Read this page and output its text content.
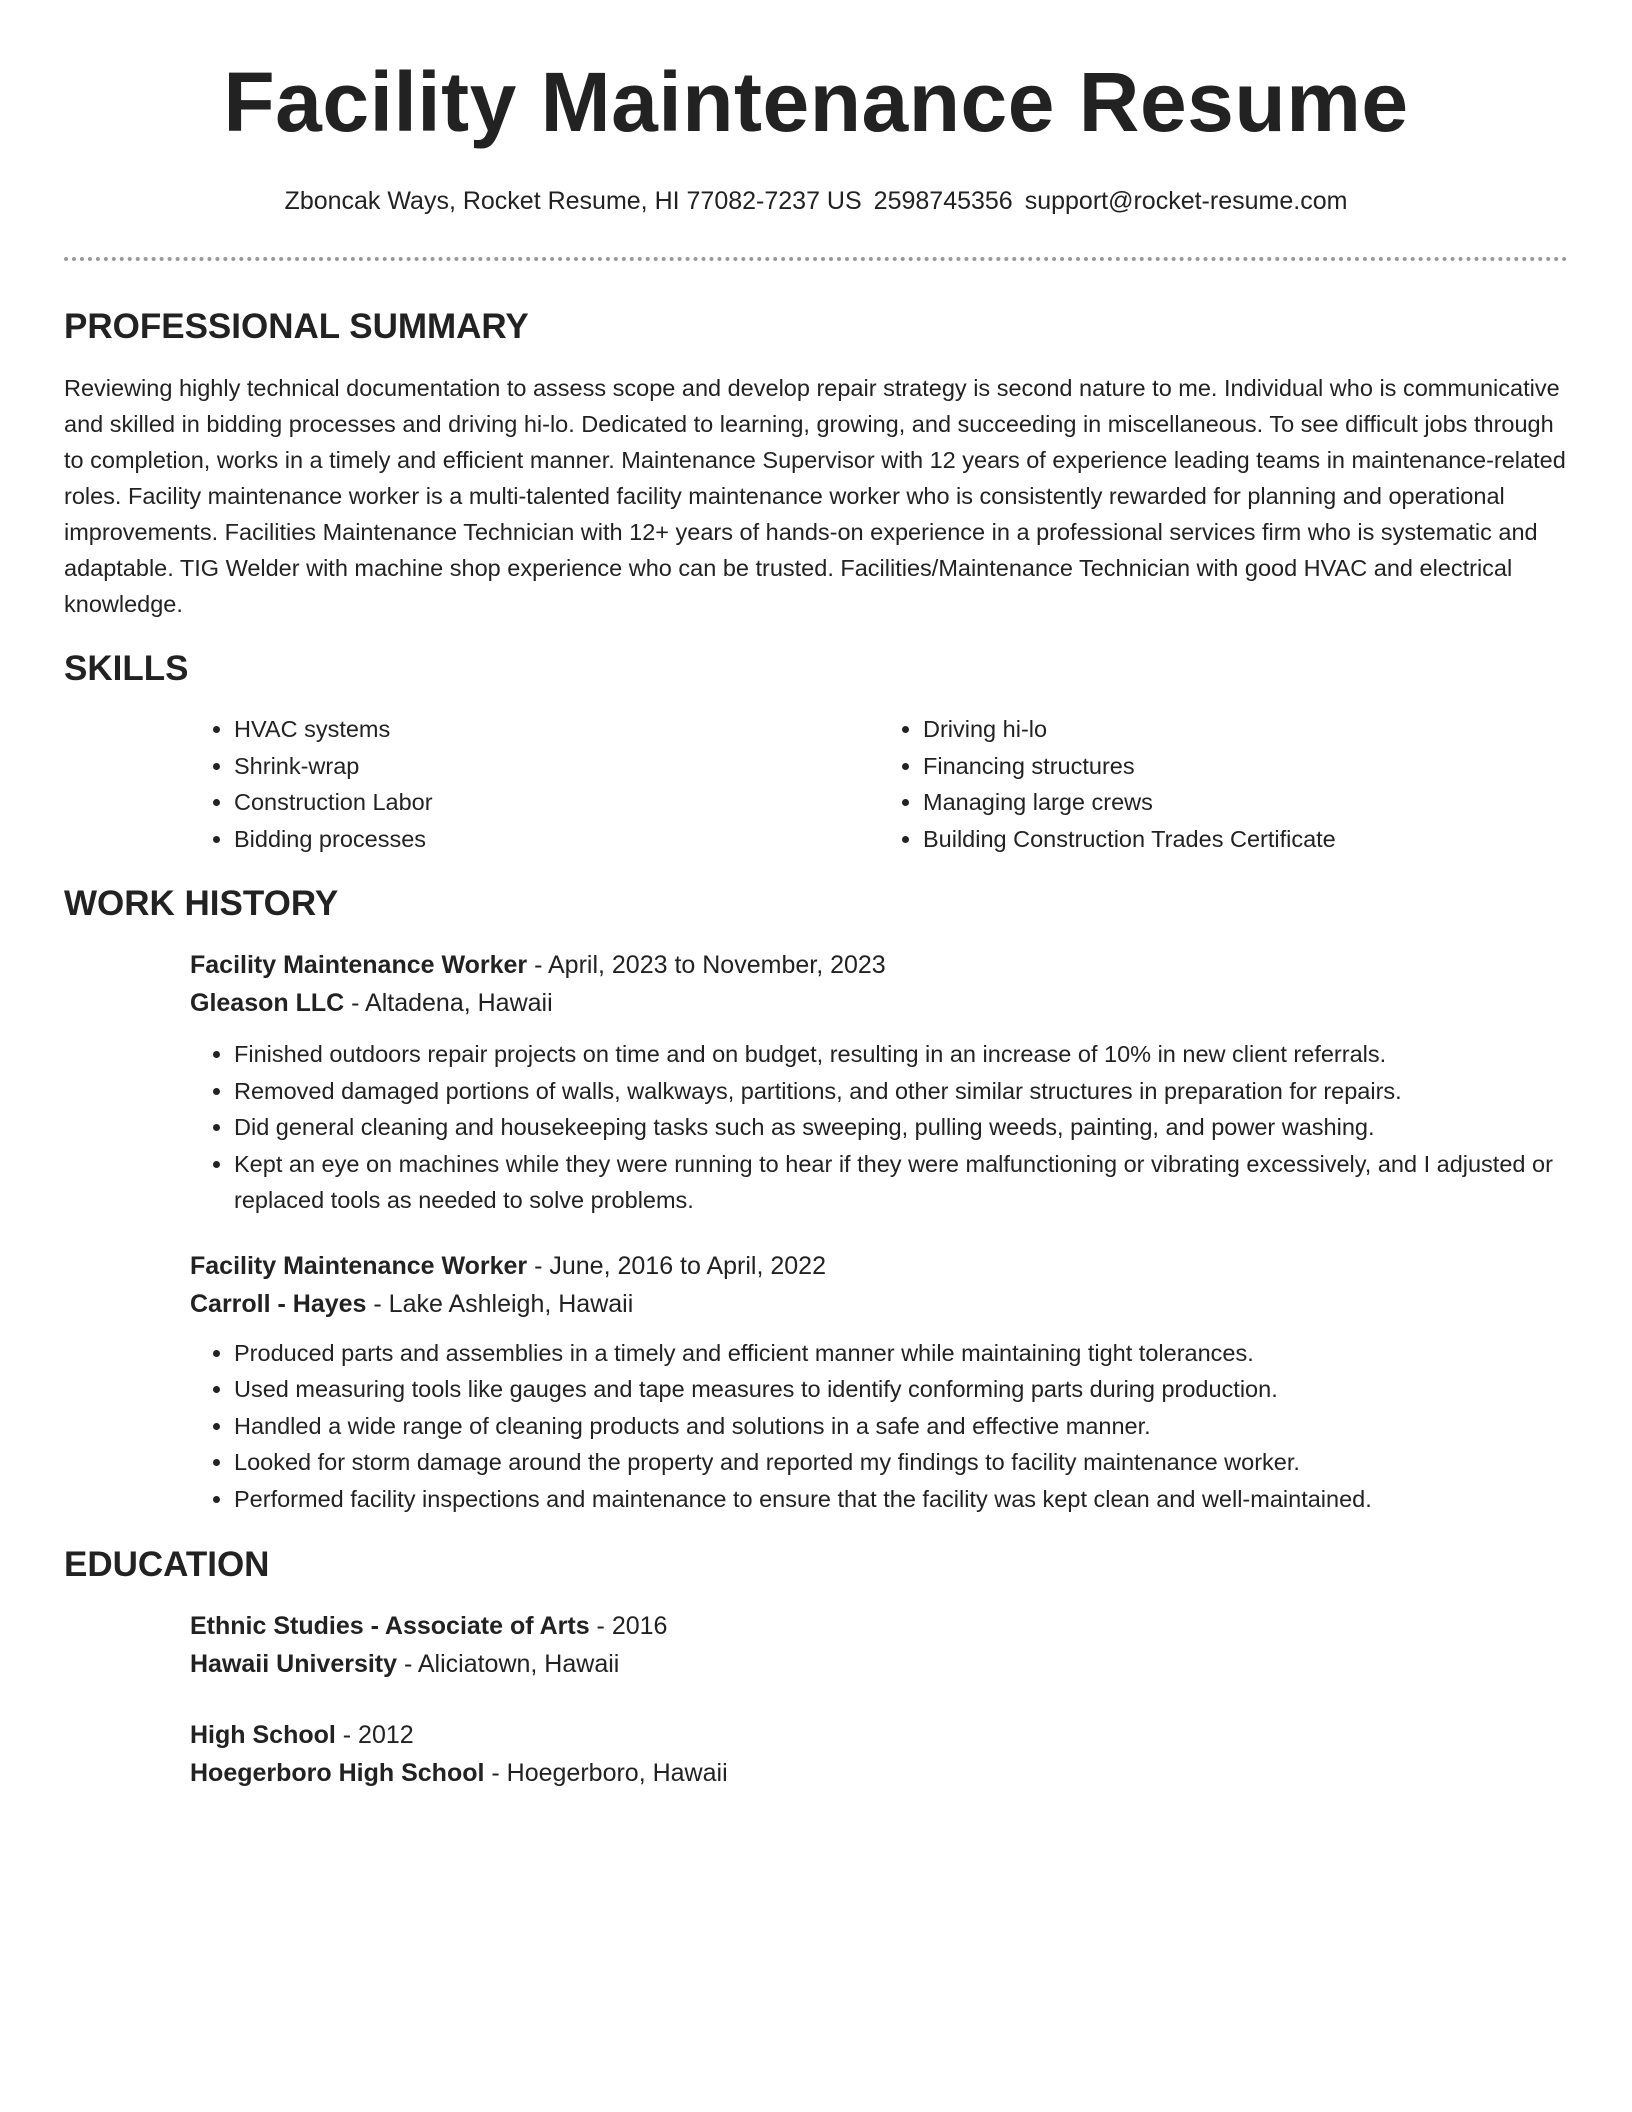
Facility Maintenance Resume
Zboncak Ways, Rocket Resume, HI 77082-7237 US 2598745356 support@rocket-resume.com
PROFESSIONAL SUMMARY

Reviewing highly technical documentation to assess scope and develop repair strategy is second nature to me. Individual who is communicative and skilled in bidding processes and driving hi-lo. Dedicated to learning, growing, and succeeding in miscellaneous. To see difficult jobs through to completion, works in a timely and efficient manner. Maintenance Supervisor with 12 years of experience leading teams in maintenance-related roles. Facility maintenance worker is a multi-talented facility maintenance worker who is consistently rewarded for planning and operational improvements. Facilities Maintenance Technician with 12+ years of hands-on experience in a professional services firm who is systematic and adaptable. TIG Welder with machine shop experience who can be trusted. Facilities/Maintenance Technician with good HVAC and electrical knowledge.

SKILLS
• HVAC systems
• Shrink-wrap
• Construction Labor
• Bidding processes
• Driving hi-lo
• Financing structures
• Managing large crews
• Building Construction Trades Certificate
WORK HISTORY
Facility Maintenance Worker - April, 2023 to November, 2023
Gleason LLC - Altadena, Hawaii
• Finished outdoors repair projects on time and on budget, resulting in an increase of 10% in new client referrals.
• Removed damaged portions of walls, walkways, partitions, and other similar structures in preparation for repairs.
• Did general cleaning and housekeeping tasks such as sweeping, pulling weeds, painting, and power washing.
• Kept an eye on machines while they were running to hear if they were malfunctioning or vibrating excessively, and I adjusted or replaced tools as needed to solve problems.
Facility Maintenance Worker - June, 2016 to April, 2022
Carroll - Hayes - Lake Ashleigh, Hawaii
• Produced parts and assemblies in a timely and efficient manner while maintaining tight tolerances.
• Used measuring tools like gauges and tape measures to identify conforming parts during production.
• Handled a wide range of cleaning products and solutions in a safe and effective manner.
• Looked for storm damage around the property and reported my findings to facility maintenance worker.
• Performed facility inspections and maintenance to ensure that the facility was kept clean and well-maintained.
EDUCATION
Ethnic Studies - Associate of Arts - 2016
Hawaii University - Aliciatown, Hawaii
High School - 2012
Hoegerboro High School - Hoegerboro, Hawaii
